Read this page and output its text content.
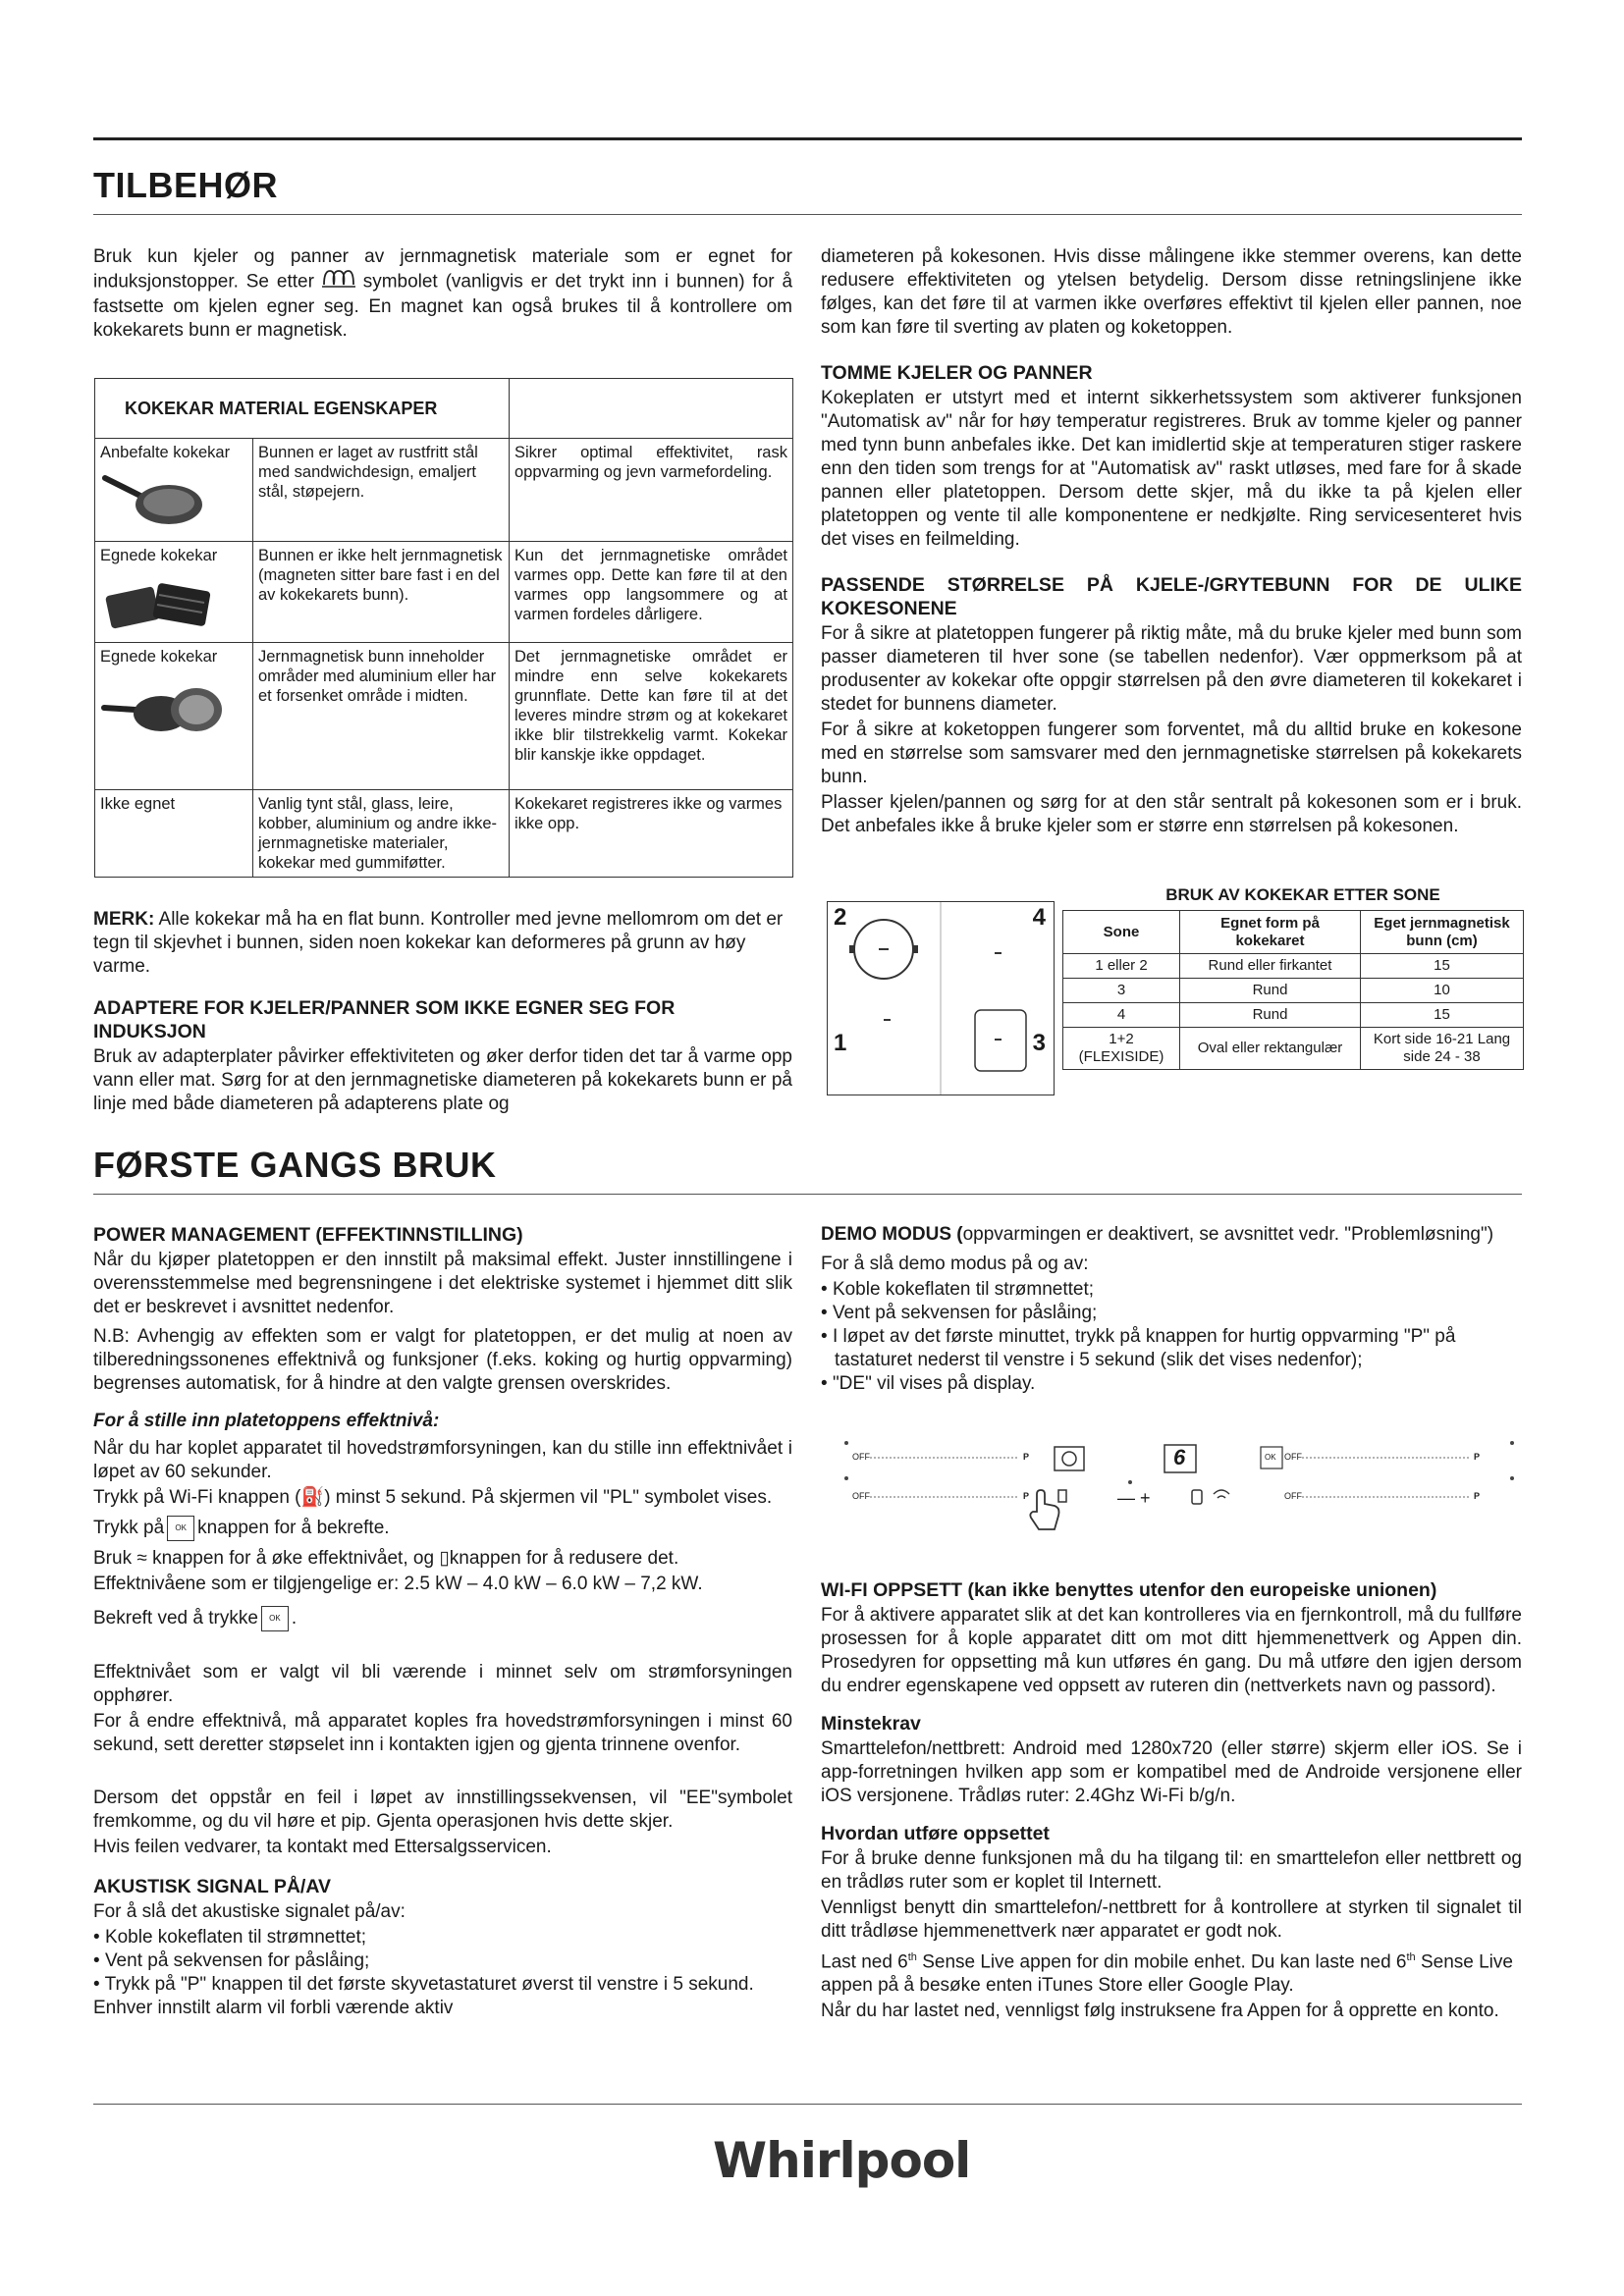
TILBEHØR

Bruk kun kjeler og panner av jernmagnetisk materiale som er egnet for induksjonstopper. Se etter	symbolet (vanligvis er det trykt inn i bunnen) for å fastsette om kjelen egner seg. En magnet kan også brukes til å kontrollere om kokekarets bunn er magnetisk.

KOKEKAR MATERIAL EGENSKAPER		
Anbefalte kokekar	Bunnen er laget av rustfritt stål med sandwichdesign, emaljert stål, støpejern.	Sikrer optimal effektivitet, rask oppvarming og jevn varmefordeling.
Egnede kokekar	Bunnen er ikke helt jernmagnetisk (magneten sitter bare fast i en del av kokekarets bunn).	Kun det jernmagnetiske området varmes opp. Dette kan føre til at den varmes opp langsommere og at varmen fordeles dårligere.
Egnede kokekar	Jernmagnetisk bunn inneholder områder med aluminium eller har et forsenket område i midten.	Det jernmagnetiske området er mindre enn selve kokekarets grunnflate. Dette kan føre til at det leveres mindre strøm og at kokekaret ikke blir tilstrekkelig varmt. Kokekar blir kanskje ikke oppdaget.
Ikke egnet	Vanlig tynt stål, glass, leire, kobber, aluminium og andre ikke-jernmagnetiske materialer, kokekar med gummiføtter.	Kokekaret registreres ikke og varmes ikke opp.

MERK: Alle kokekar må ha en flat bunn. Kontroller med jevne mellomrom om det er tegn til skjevhet i bunnen, siden noen kokekar kan deformeres på grunn av høy varme.

ADAPTERE FOR KJELER/PANNER SOM IKKE EGNER SEG FOR INDUKSJON

Bruk av adapterplater påvirker effektiviteten og øker derfor tiden det tar å varme opp vann eller mat. Sørg for at den jernmagnetiske diameteren på kokekarets bunn er på linje med både diameteren på adapterens plate og

diameteren på kokesonen. Hvis disse målingene ikke stemmer overens, kan dette redusere effektiviteten og ytelsen betydelig. Dersom disse retningslinjene ikke følges, kan det føre til at varmen ikke overføres effektivt til kjelen eller pannen, noe som kan føre til sverting av platen og koketoppen.

TOMME KJELER OG PANNER

Kokeplaten er utstyrt med et internt sikkerhetssystem som aktiverer funksjonen "Automatisk av" når for høy temperatur registreres. Bruk av tomme kjeler og panner med tynn bunn anbefales ikke. Det kan imidlertid skje at temperaturen stiger raskere enn den tiden som trengs for at "Automatisk av" raskt utløses, med fare for å skade pannen eller platetoppen. Dersom dette skjer, må du ikke ta på kjelen eller platetoppen og vente til alle komponentene er nedkjølte. Ring servicesenteret hvis det vises en feilmelding.

PASSENDE STØRRELSE PÅ KJELE-/GRYTEBUNN FOR DE ULIKE KOKESONENE

For å sikre at platetoppen fungerer på riktig måte, må du bruke kjeler med bunn som passer diameteren til hver sone (se tabellen nedenfor). Vær oppmerksom på at produsenter av kokekar ofte oppgir størrelsen på den øvre diameteren til kokekaret i stedet for bunnens diameter.

For å sikre at koketoppen fungerer som forventet, må du alltid bruke en kokesone med en størrelse som samsvarer med den jernmagnetiske størrelsen på kokekarets bunn.

Plasser kjelen/pannen og sørg for at den står sentralt på kokesonen som er i bruk. Det anbefales ikke å bruke kjeler som er større enn størrelsen på kokesonen.

2	4
1	3
BRUK AV KOKEKAR ETTER SONE
Sone	Egnet form på kokekaret	Eget jernmagnetisk bunn (cm)
1 eller 2	Rund eller firkantet	15
3	Rund	10
4	Rund	15
1+2 (FLEXISIDE)	Oval eller rektangulær	Kort side 16-21 Lang side 24 - 38
FØRSTE GANGS BRUK

POWER MANAGEMENT (EFFEKTINNSTILLING)

Når du kjøper platetoppen er den innstilt på maksimal effekt. Juster innstillingene i overensstemmelse med begrensningene i det elektriske systemet i hjemmet ditt slik det er beskrevet i avsnittet nedenfor.

N.B: Avhengig av effekten som er valgt for platetoppen, er det mulig at noen av tilberedningssonenes effektnivå og funksjoner (f.eks. koking og hurtig oppvarming) begrenses automatisk, for å hindre at den valgte grensen overskrides.

For å stille inn platetoppens effektnivå:

Når du har koplet apparatet til hovedstrømforsyningen, kan du stille inn effektnivået i løpet av 60 sekunder.

Trykk på Wi-Fi knappen (⛽) minst 5 sekund. På skjermen vil "PL" symbolet vises.

Trykk på OK knappen for å bekrefte.

Bruk ≈ knappen for å øke effektnivået, og ▯knappen for å redusere det.

Effektnivåene som er tilgjengelige er: 2.5 kW – 4.0 kW – 6.0 kW – 7,2 kW.

Bekreft ved å trykke OK .

Effektnivået som er valgt vil bli værende i minnet selv om strømforsyningen opphører.

For å endre effektnivå, må apparatet koples fra hovedstrømforsyningen i minst 60 sekund, sett deretter støpselet inn i kontakten igjen og gjenta trinnene ovenfor.

Dersom det oppstår en feil i løpet av innstillingssekvensen, vil "EE"symbolet fremkomme, og du vil høre et pip. Gjenta operasjonen hvis dette skjer.

Hvis feilen vedvarer, ta kontakt med Ettersalgsservicen.

AKUSTISK SIGNAL PÅ/AV

For å slå det akustiske signalet på/av:

• Koble kokeflaten til strømnettet;
• Vent på sekvensen for påslåing;
• Trykk på "P" knappen til det første skyvetastaturet øverst til venstre i 5 sekund.

Enhver innstilt alarm vil forbli værende aktiv

DEMO MODUS (oppvarmingen er deaktivert, se avsnittet vedr. "Problemløsning")

For å slå demo modus på og av:

• Koble kokeflaten til strømnettet;
• Vent på sekvensen for påslåing;
• I løpet av det første minuttet, trykk på knappen for hurtig oppvarming "P" på tastaturet nederst til venstre i 5 sekund (slik det vises nedenfor);
• "DE" vil vises på display.
OFF	P
OFF	P
OFF	P
OFF	P
6	OK
— +

WI-FI OPPSETT (kan ikke benyttes utenfor den europeiske unionen)

For å aktivere apparatet slik at det kan kontrolleres via en fjernkontroll, må du fullføre prosessen for å kople apparatet ditt om mot ditt hjemmenettverk og Appen din. Prosedyren for oppsetting må kun utføres én gang. Du må utføre den igjen dersom du endrer egenskapene ved oppsett av ruteren din (nettverkets navn og passord).

Minstekrav

Smarttelefon/nettbrett: Android med 1280x720 (eller større) skjerm eller iOS. Se i app-forretningen hvilken app som er kompatibel med de Androide versjonene eller iOS versjonene. Trådløs ruter: 2.4Ghz Wi-Fi b/g/n.

Hvordan utføre oppsettet

For å bruke denne funksjonen må du ha tilgang til: en smarttelefon eller nettbrett og en trådløs ruter som er koplet til Internett.

Vennligst benytt din smarttelefon/-nettbrett for å kontrollere at styrken til signalet til ditt trådløse hjemmenettverk nær apparatet er godt nok.

Last ned 6th Sense Live appen for din mobile enhet. Du kan laste ned 6th Sense Live appen på å besøke enten iTunes Store eller Google Play.

Når du har lastet ned, vennligst følg instruksene fra Appen for å opprette en konto.

Whirlpool
